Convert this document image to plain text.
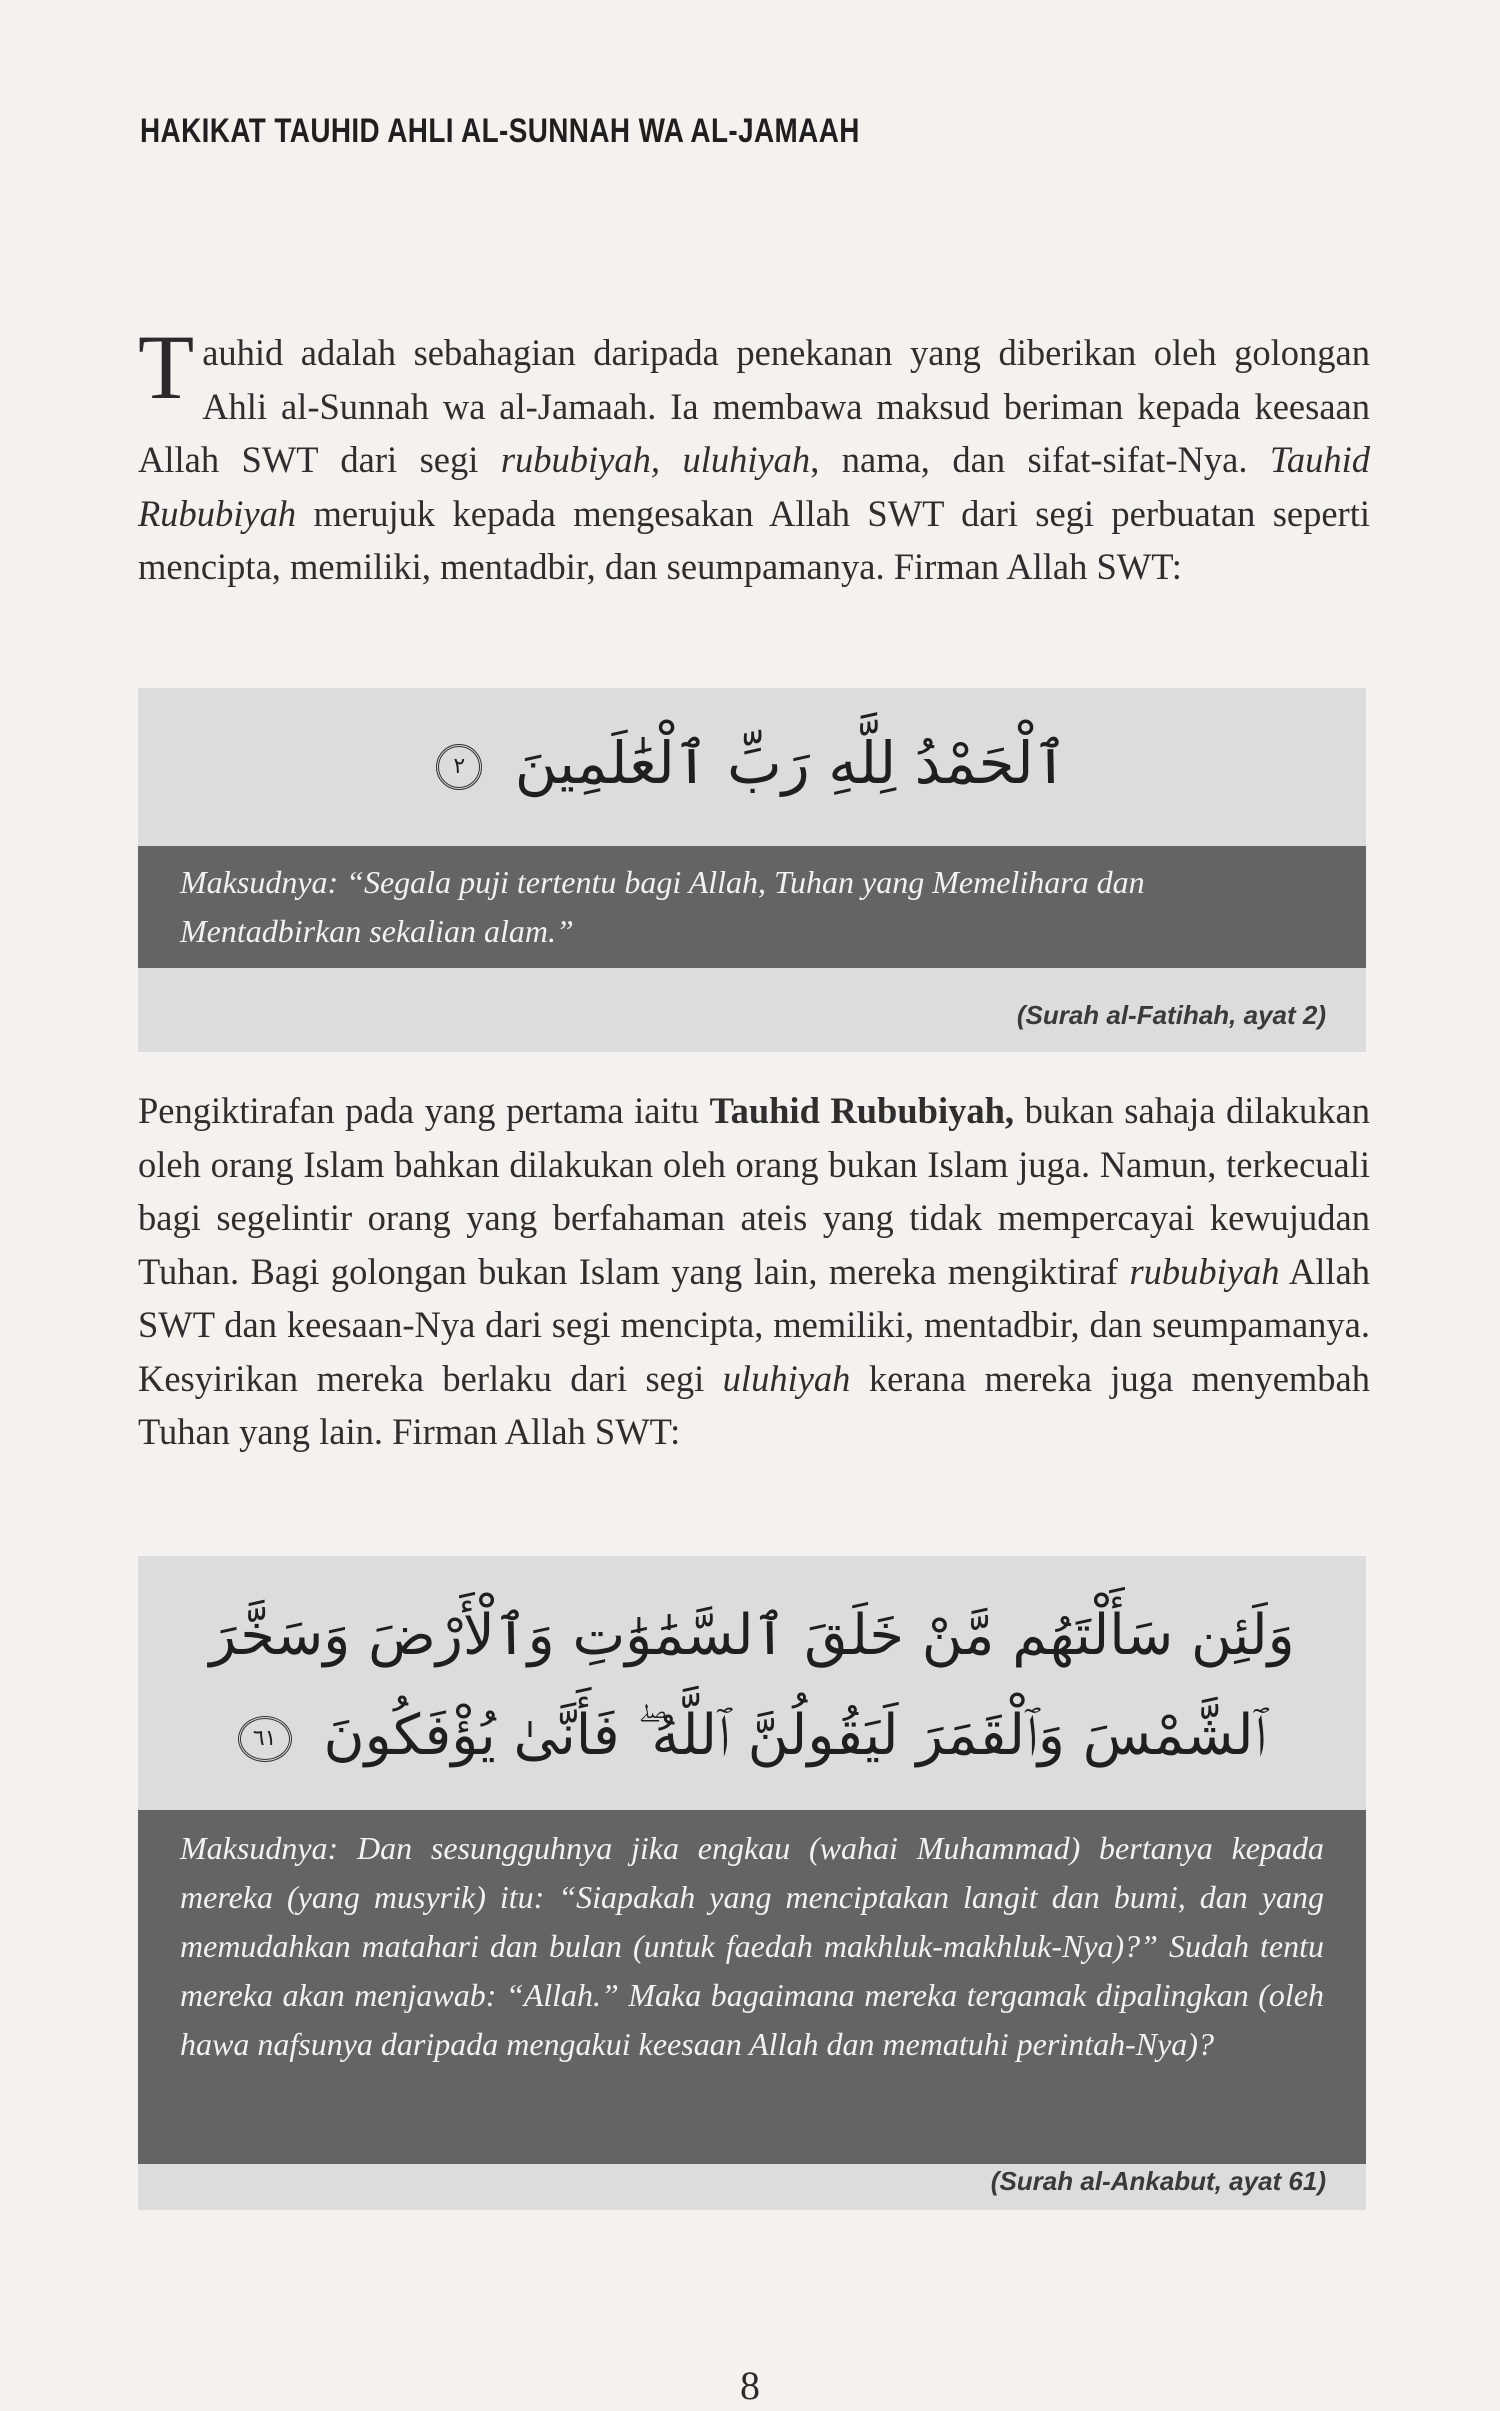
HAKIKAT TAUHID AHLI AL-SUNNAH WA AL-JAMAAH
Tauhid adalah sebahagian daripada penekanan yang diberikan oleh golongan Ahli al-Sunnah wa al-Jamaah. Ia membawa maksud beriman kepada keesaan Allah SWT dari segi rububiyah, uluhiyah, nama, dan sifat-sifat-Nya. Tauhid Rububiyah merujuk kepada mengesakan Allah SWT dari segi perbuatan seperti mencipta, memiliki, mentadbir, dan seumpamanya. Firman Allah SWT:
ٱلْحَمْدُ لِلَّهِ رَبِّ ٱلْعَٰلَمِينَ ٢
Maksudnya: “Segala puji tertentu bagi Allah, Tuhan yang Memelihara dan Mentadbirkan sekalian alam.”
(Surah al-Fatihah, ayat 2)
Pengiktirafan pada yang pertama iaitu Tauhid Rububiyah, bukan sahaja dilakukan oleh orang Islam bahkan dilakukan oleh orang bukan Islam juga. Namun, terkecuali bagi segelintir orang yang berfahaman ateis yang tidak mempercayai kewujudan Tuhan. Bagi golongan bukan Islam yang lain, mereka mengiktiraf rububiyah Allah SWT dan keesaan-Nya dari segi mencipta, memiliki, mentadbir, dan seumpamanya. Kesyirikan mereka berlaku dari segi uluhiyah kerana mereka juga menyembah Tuhan yang lain. Firman Allah SWT:
وَلَئِن سَأَلْتَهُم مَّنْ خَلَقَ ٱلسَّمَٰوَٰتِ وَٱلْأَرْضَ وَسَخَّرَ
ٱلشَّمْسَ وَٱلْقَمَرَ لَيَقُولُنَّ ٱللَّهُ ۖ فَأَنَّىٰ يُؤْفَكُونَ ٦١
Maksudnya: Dan sesungguhnya jika engkau (wahai Muhammad) bertanya kepada mereka (yang musyrik) itu: “Siapakah yang menciptakan langit dan bumi, dan yang memudahkan matahari dan bulan (untuk faedah makhluk-makhluk-Nya)?” Sudah tentu mereka akan menjawab: “Allah.” Maka bagaimana mereka tergamak dipalingkan (oleh hawa nafsunya daripada mengakui keesaan Allah dan mematuhi perintah-Nya)?
(Surah al-Ankabut, ayat 61)
8
